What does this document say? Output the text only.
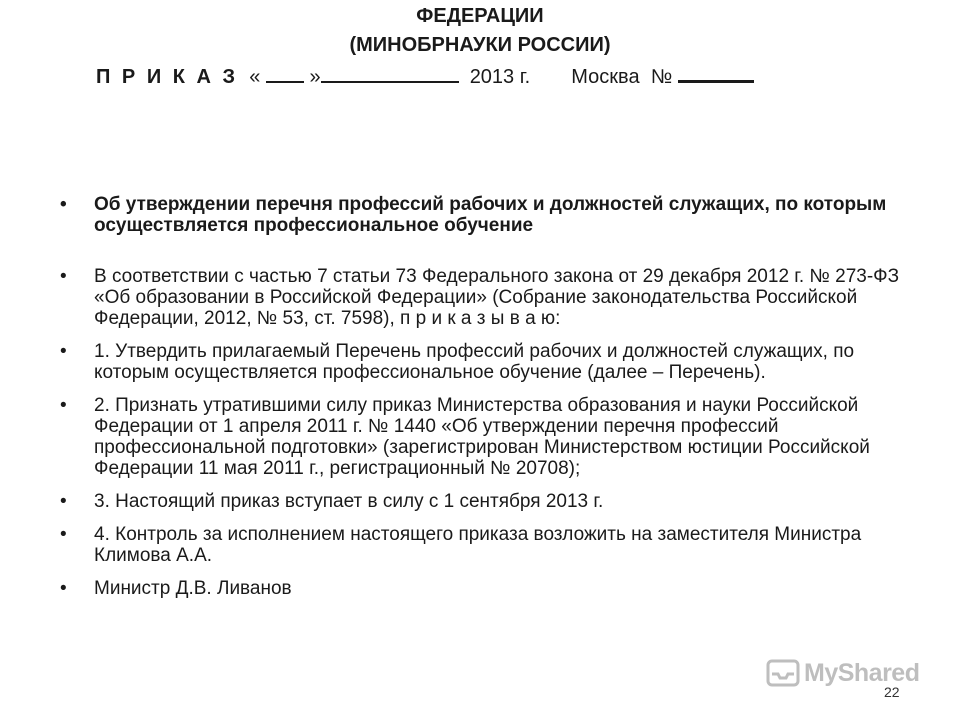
ФЕДЕРАЦИИ
(МИНОБРНАУКИ РОССИИ)
П Р И К А З « »	2013 г. Москва №
•	Об утверждении перечня профессий рабочих и должностей служащих, по которым осуществляется профессиональное обучение
•	В соответствии с частью 7 статьи 73 Федерального закона от 29 декабря 2012 г. № 273-ФЗ «Об образовании в Российской Федерации» (Собрание законодательства Российской Федерации, 2012, № 53, ст. 7598), п р и к а з ы в а ю:
•	1. Утвердить прилагаемый Перечень профессий рабочих и должностей служащих, по которым осуществляется профессиональное обучение (далее – Перечень).
•	2. Признать утратившими силу приказ Министерства образования и науки Российской Федерации от 1 апреля 2011 г. № 1440 «Об утверждении перечня профессий профессиональной подготовки» (зарегистрирован Министерством юстиции Российской Федерации 11 мая 2011 г., регистрационный № 20708);
•	3. Настоящий приказ вступает в силу с 1 сентября 2013 г.
•	4. Контроль за исполнением настоящего приказа возложить на заместителя Министра Климова А.А.
•	Министр Д.В. Ливанов
MyShared
22
